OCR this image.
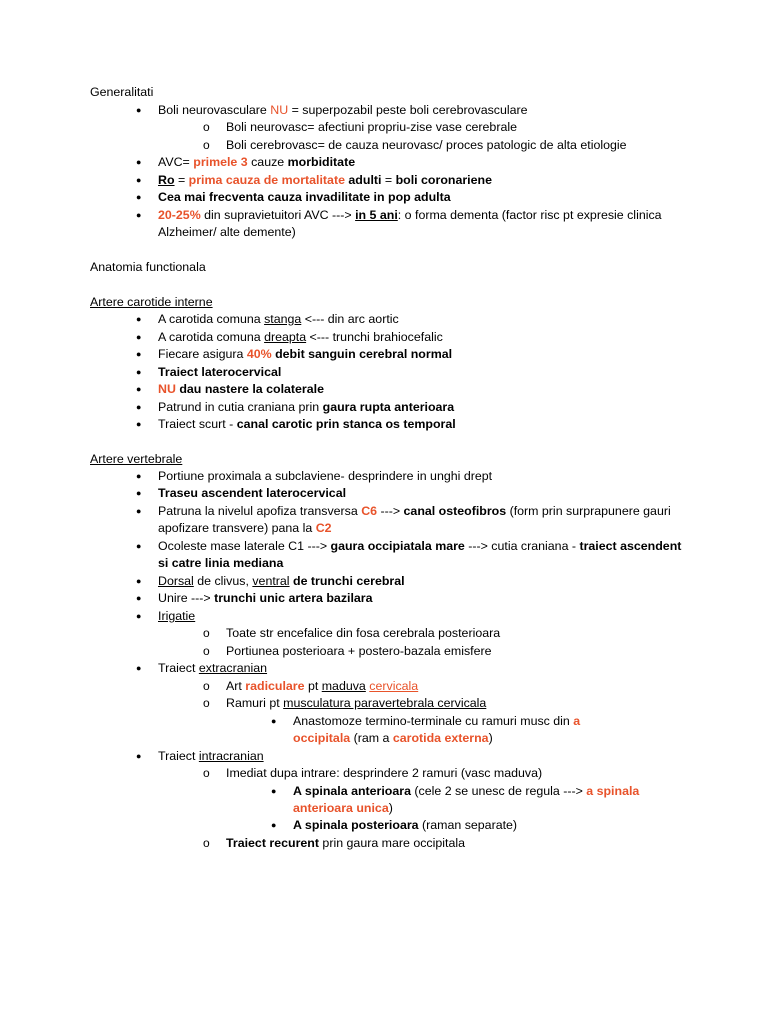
Generalitati
Boli neurovasculare NU = superpozabil peste boli cerebrovasculare
Boli neurovasc= afectiuni propriu-zise vase cerebrale
Boli cerebrovasc= de cauza neurovasc/ proces patologic de alta etiologie
AVC= primele 3 cauze morbiditate
Ro = prima cauza de mortalitate adulti = boli coronariene
Cea mai frecventa cauza invadilitate in pop adulta
20-25% din supravietuitori AVC ---> in 5 ani: o forma dementa (factor risc pt expresie clinica
Alzheimer/ alte demente)
Anatomia functionala
Artere carotide interne
A carotida comuna stanga <--- din arc aortic
A carotida comuna dreapta <--- trunchi brahiocefalic
Fiecare asigura 40% debit sanguin cerebral normal
Traiect laterocervical
NU dau nastere la colaterale
Patrund in cutia craniana prin gaura rupta anterioara
Traiect scurt - canal carotic prin stanca os temporal
Artere vertebrale
Portiune proximala a subclaviene- desprindere in unghi drept
Traseu ascendent laterocervical
Patruna la nivelul apofiza transversa C6 ---> canal osteofibros (form prin surprapunere gauri
apofizare transvere) pana la C2
Ocoleste mase laterale C1 ---> gaura occipiatala mare ---> cutia craniana - traiect ascendent
si catre linia mediana
Dorsal de clivus, ventral de trunchi cerebral
Unire ---> trunchi unic artera bazilara
Irigatie
Toate str encefalice din fosa cerebrala posterioara
Portiunea posterioara + postero-bazala emisfere
Traiect extracranian
Art radiculare pt maduva cervicala
Ramuri pt musculatura paravertebrala cervicala
Anastomoze termino-terminale cu ramuri musc din a
occipitala (ram a carotida externa)
Traiect intracranian
Imediat dupa intrare: desprindere 2 ramuri (vasc maduva)
A spinala anterioara (cele 2 se unesc de regula ---> a spinala
anterioara unica)
A spinala posterioara (raman separate)
Traiect recurent prin gaura mare occipitala
●
o
o
●
●
●
●
●
●
●
●
●
●
●
●
●
●
●
●
●
●
o
o
●
o
o
●
●
o
●
●
o
